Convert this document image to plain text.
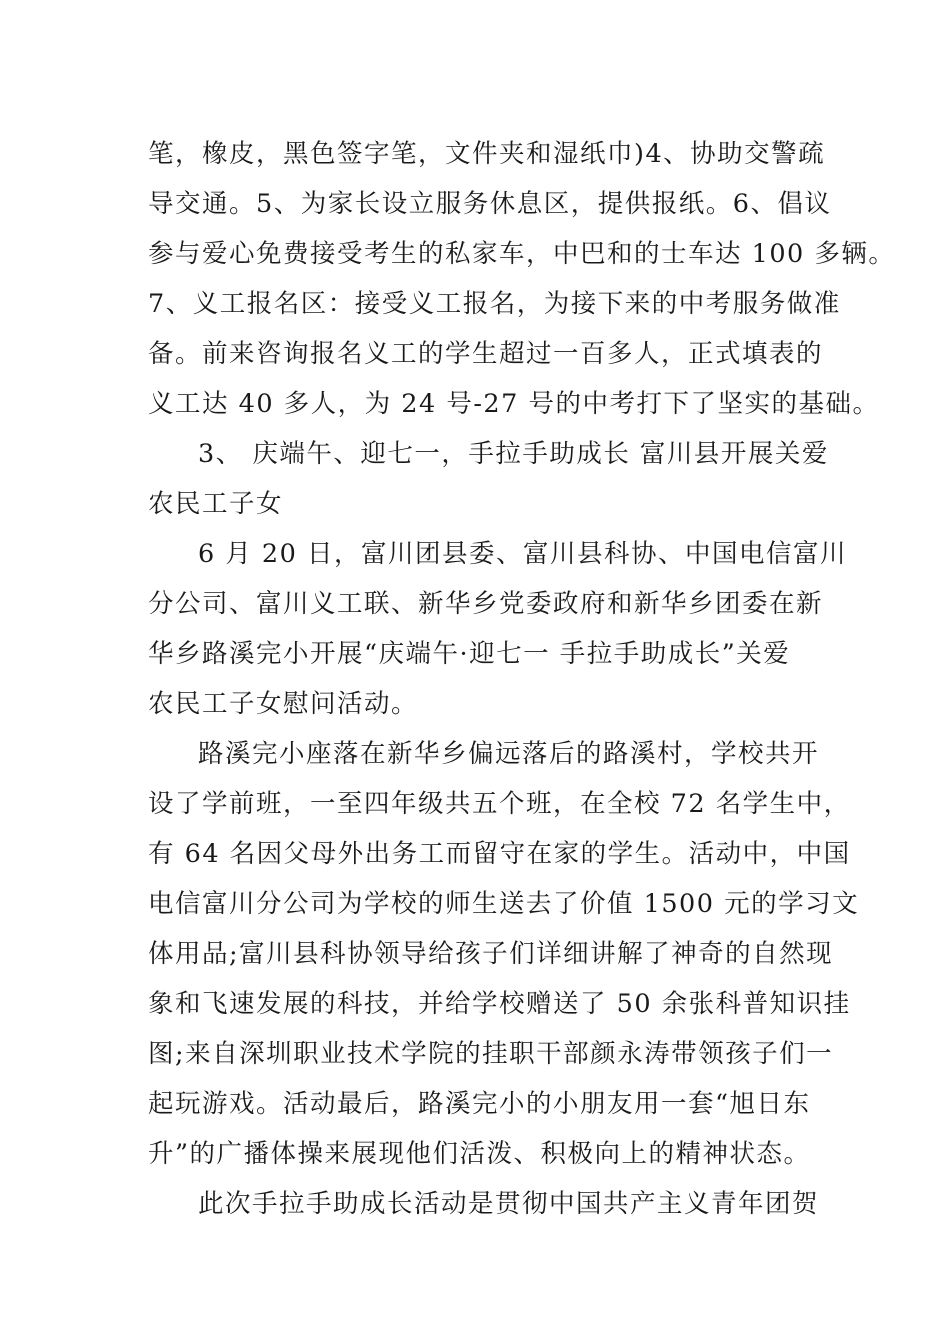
笔，橡皮，黑色签字笔，文件夹和湿纸巾)4、协助交警疏
导交通。5、为家长设立服务休息区，提供报纸。6、倡议
参与爱心免费接受考生的私家车，中巴和的士车达 100 多辆。
7、义工报名区：接受义工报名，为接下来的中考服务做准
备。前来咨询报名义工的学生超过一百多人，正式填表的
义工达 40 多人，为 24 号-27 号的中考打下了坚实的基础。
3、 庆端午、迎七一，手拉手助成长 富川县开展关爱
农民工子女
6 月 20 日，富川团县委、富川县科协、中国电信富川
分公司、富川义工联、新华乡党委政府和新华乡团委在新
华乡路溪完小开展“庆端午·迎七一 手拉手助成长”关爱
农民工子女慰问活动。
路溪完小座落在新华乡偏远落后的路溪村，学校共开
设了学前班，一至四年级共五个班，在全校 72 名学生中，
有 64 名因父母外出务工而留守在家的学生。活动中，中国
电信富川分公司为学校的师生送去了价值 1500 元的学习文
体用品;富川县科协领导给孩子们详细讲解了神奇的自然现
象和飞速发展的科技，并给学校赠送了 50 余张科普知识挂
图;来自深圳职业技术学院的挂职干部颜永涛带领孩子们一
起玩游戏。活动最后，路溪完小的小朋友用一套“旭日东
升”的广播体操来展现他们活泼、积极向上的精神状态。
此次手拉手助成长活动是贯彻中国共产主义青年团贺
